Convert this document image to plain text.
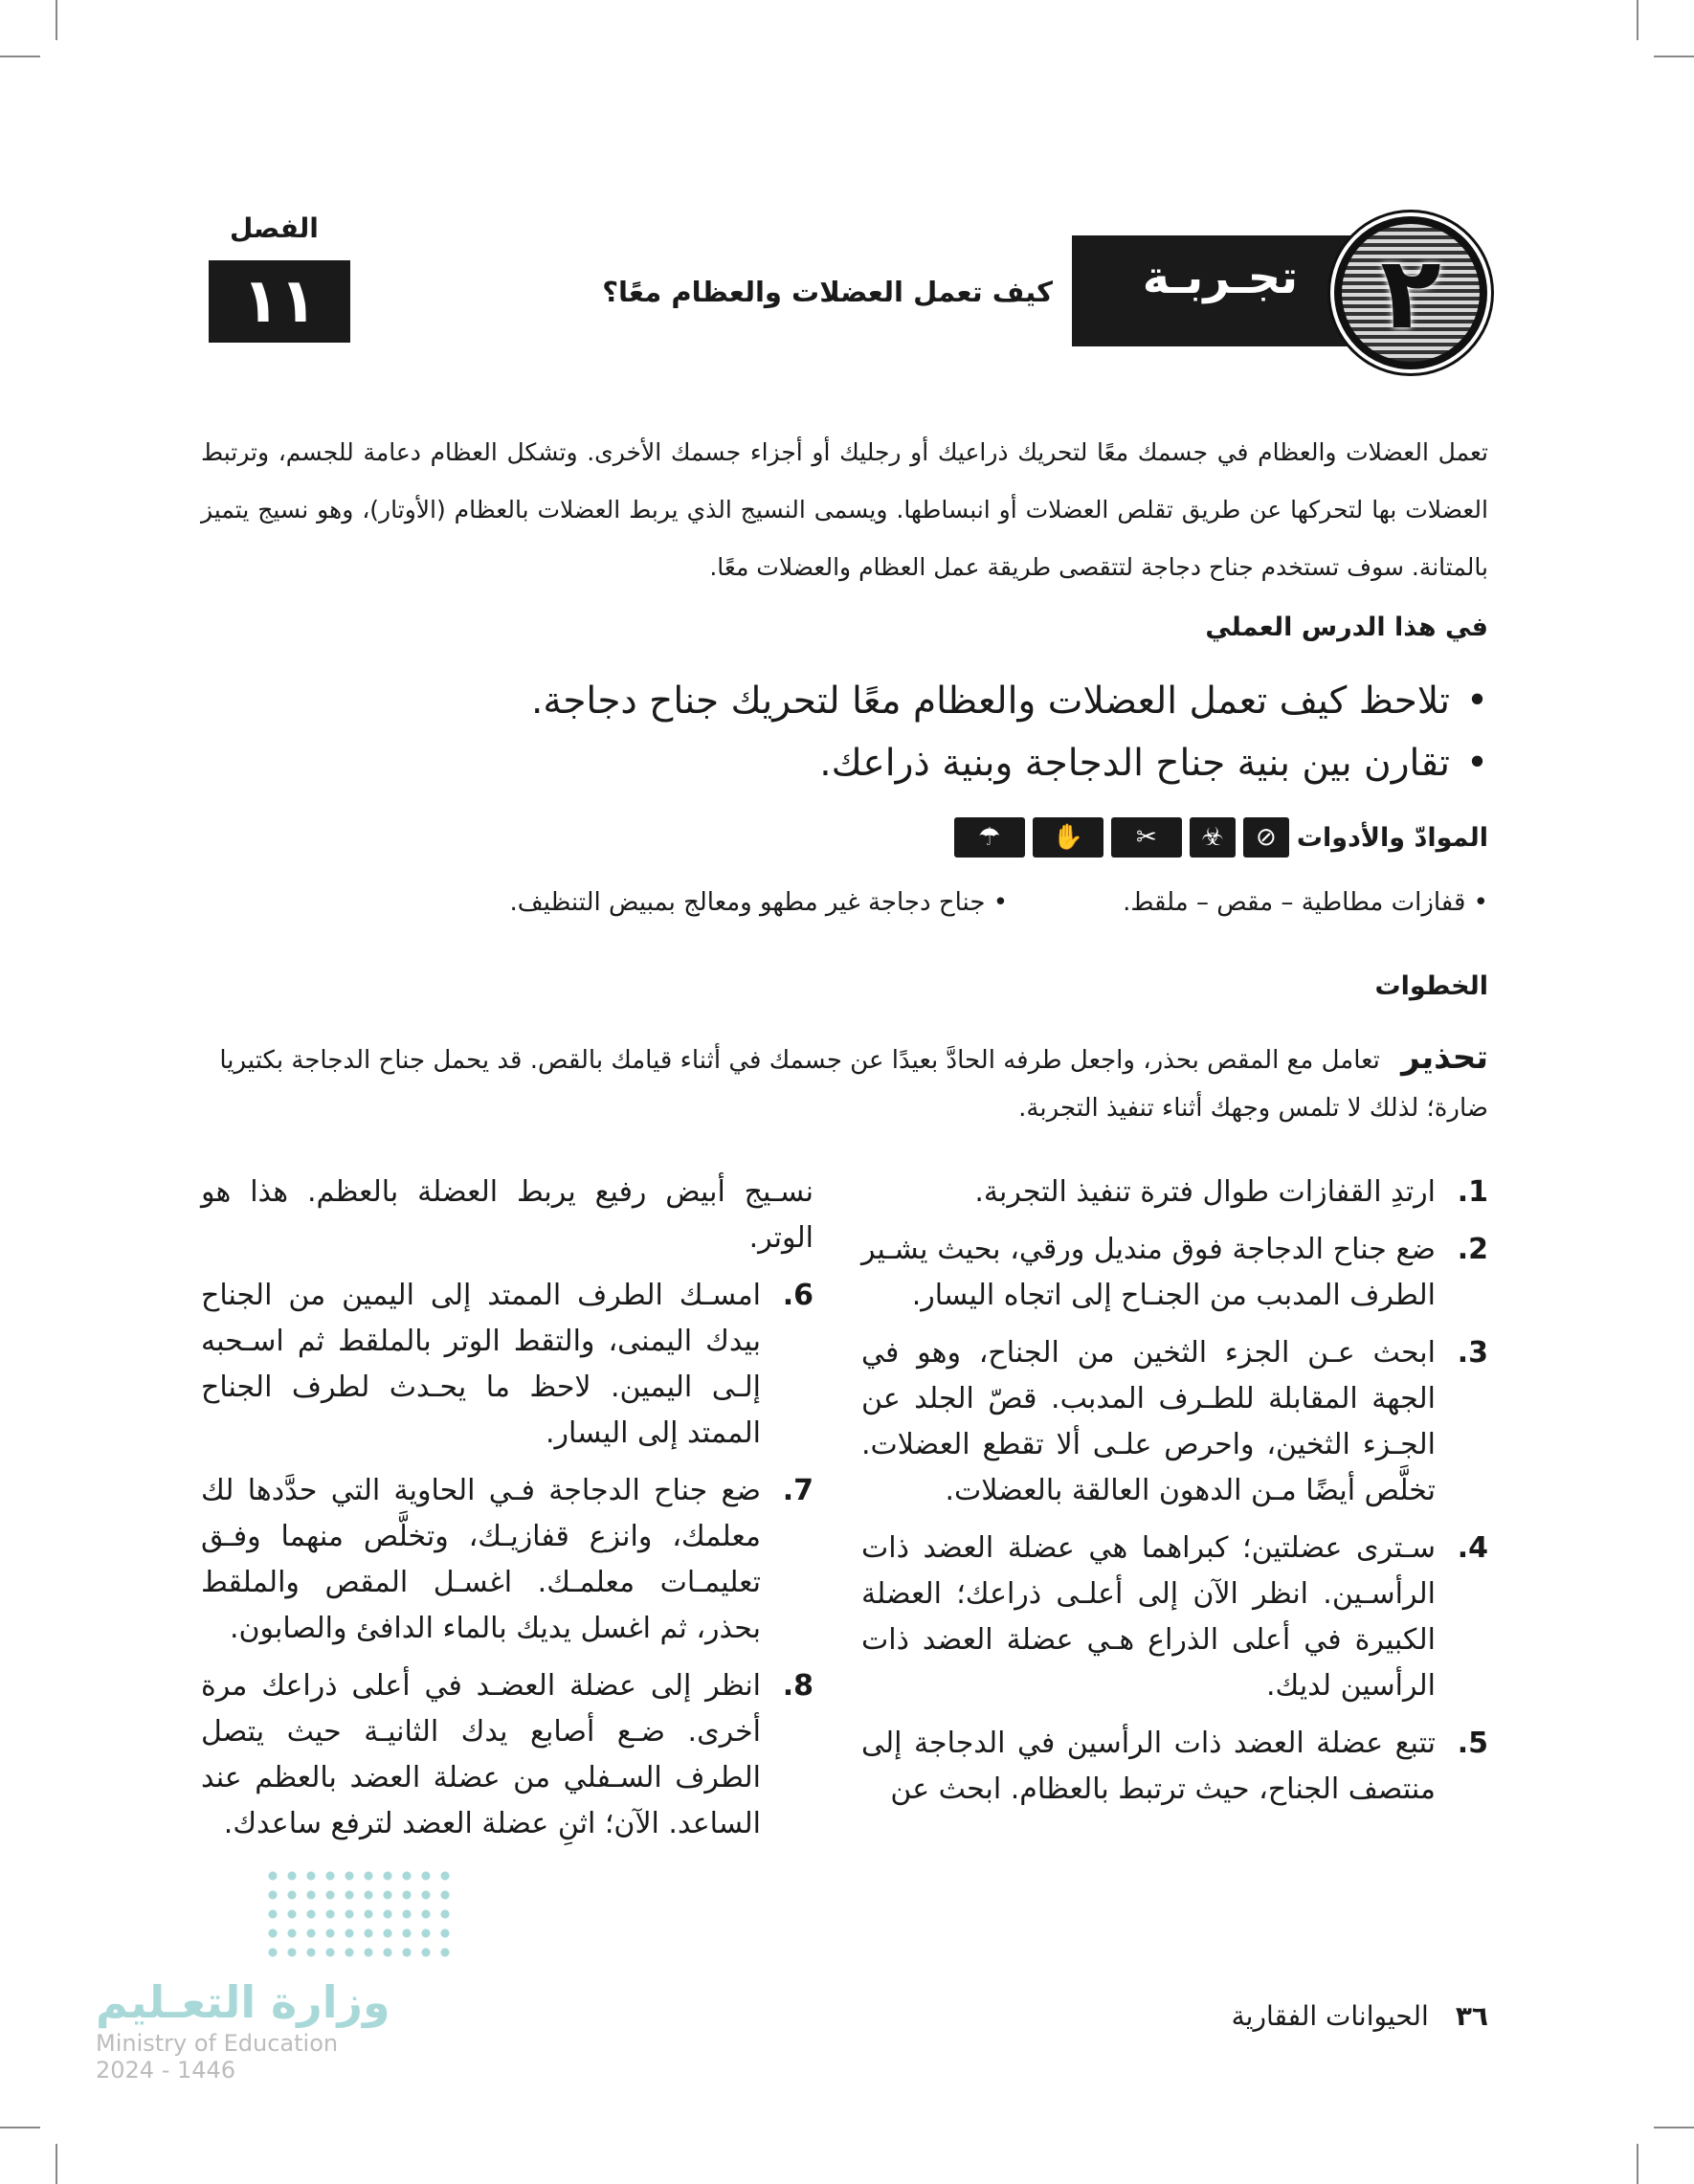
الفصل
١١	كيف تعمل العضلات والعظام معًا؟ تجـربـة ٢

تعمل العضلات والعظام في جسمك معًا لتحريك ذراعيك أو رجليك أو أجزاء جسمك الأخرى. وتشكل العظام دعامة للجسم، وترتبط العضلات بها لتحركها عن طريق تقلص العضلات أو انبساطها. ويسمى النسيج الذي يربط العضلات بالعظام (الأوتار)، وهو نسيج يتميز بالمتانة. سوف تستخدم جناح دجاجة لتتقصى طريقة عمل العظام والعضلات معًا.

في هذا الدرس العملي
• تلاحظ كيف تعمل العضلات والعظام معًا لتحريك جناح دجاجة.
• تقارن بين بنية جناح الدجاجة وبنية ذراعك.
الموادّ والأدوات
⊘
☣
✂
✋
☂
• قفازات مطاطية – مقص – ملقط.
• جناح دجاجة غير مطهو ومعالج بمبيض التنظيف.
الخطوات
تحذير تعامل مع المقص بحذر، واجعل طرفه الحادَّ بعيدًا عن جسمك في أثناء قيامك بالقص. قد يحمل جناح الدجاجة بكتيريا ضارة؛ لذلك لا تلمس وجهك أثناء تنفيذ التجربة.
1.
ارتدِ القفازات طوال فترة تنفيذ التجربة.
2.
ضع جناح الدجاجة فوق منديل ورقي، بحيث يشـير الطرف المدبب من الجنـاح إلى اتجاه اليسار.
3.
ابحث عـن الجزء الثخين من الجناح، وهو في الجهة المقابلة للطـرف المدبب. قصّ الجلد عن الجـزء الثخين، واحرص علـى ألا تقطع العضلات. تخلَّص أيضًا مـن الدهون العالقة بالعضلات.
4.
سـترى عضلتين؛ كبراهما هي عضلة العضد ذات الرأسـين. انظر الآن إلى أعلـى ذراعك؛ العضلة الكبيرة في أعلى الذراع هـي عضلة العضد ذات الرأسين لديك.
5.
تتبع عضلة العضد ذات الرأسين في الدجاجة إلى منتصف الجناح، حيث ترتبط بالعظام. ابحث عن
نسـيج أبيض رفيع يربط العضلة بالعظم. هذا هو الوتر.
6.
امسـك الطرف الممتد إلى اليمين من الجناح بيدك اليمنى، والتقط الوتر بالملقط ثم اسـحبه إلـى اليمين. لاحظ ما يحـدث لطرف الجناح الممتد إلى اليسار.
7.
ضع جناح الدجاجة فـي الحاوية التي حدَّدها لك معلمك، وانزع قفازيـك، وتخلَّص منهما وفـق تعليمـات معلمـك. اغسـل المقص والملقط بحذر، ثم اغسل يديك بالماء الدافئ والصابون.
8.
انظر إلى عضلة العضـد في أعلى ذراعك مرة أخرى. ضـع أصابع يدك الثانيـة حيث يتصل الطرف السـفلي من عضلة العضد بالعظم عند الساعد. الآن؛ اثنِ عضلة العضد لترفع ساعدك.
٣٦
الحيوانات الفقارية
وزارة التعـليم
Ministry of Education
2024 - 1446
